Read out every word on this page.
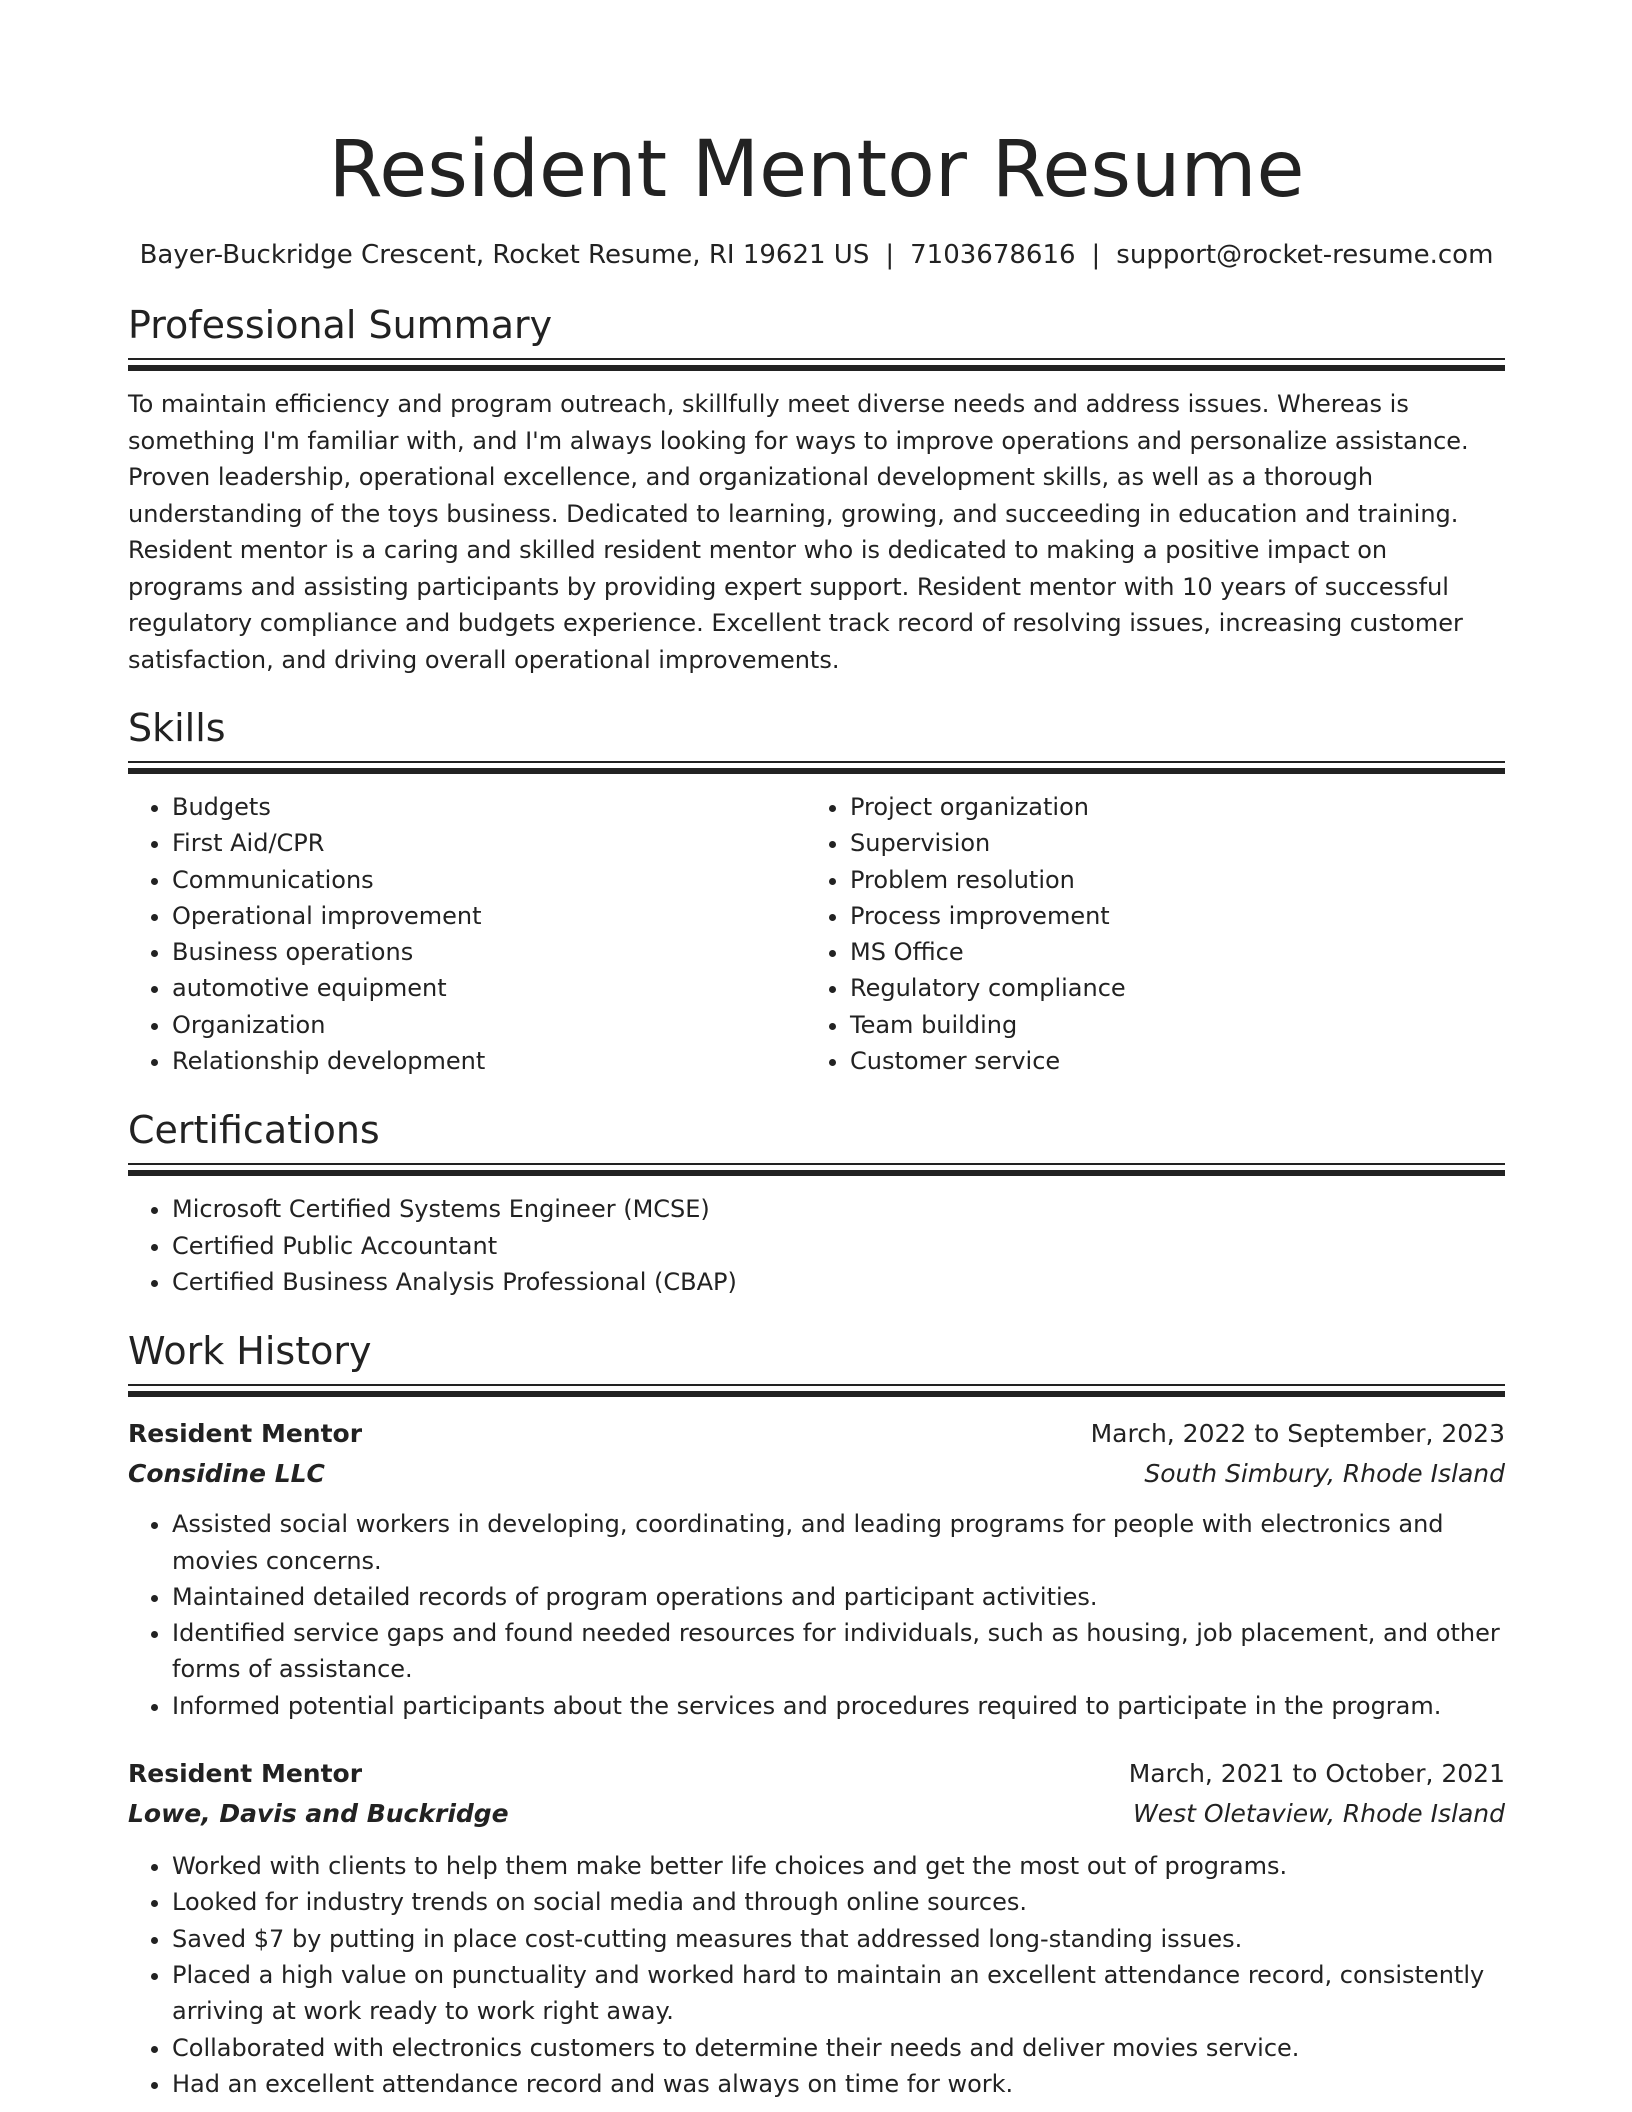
Resident Mentor Resume
Bayer-Buckridge Crescent, Rocket Resume, RI 19621 US | 7103678616 | support@rocket-resume.com
Professional Summary

To maintain efficiency and program outreach, skillfully meet diverse needs and address issues. Whereas is something I'm familiar with, and I'm always looking for ways to improve operations and personalize assistance. Proven leadership, operational excellence, and organizational development skills, as well as a thorough understanding of the toys business. Dedicated to learning, growing, and succeeding in education and training. Resident mentor is a caring and skilled resident mentor who is dedicated to making a positive impact on programs and assisting participants by providing expert support. Resident mentor with 10 years of successful regulatory compliance and budgets experience. Excellent track record of resolving issues, increasing customer satisfaction, and driving overall operational improvements.

Skills
• Budgets
• First Aid/CPR
• Communications
• Operational improvement
• Business operations
• automotive equipment
• Organization
• Relationship development
• Project organization
• Supervision
• Problem resolution
• Process improvement
• MS Office
• Regulatory compliance
• Team building
• Customer service
Certifications
• Microsoft Certified Systems Engineer (MCSE)
• Certified Public Accountant
• Certified Business Analysis Professional (CBAP)
Work History
Resident Mentor	March, 2022 to September, 2023
Considine LLC	South Simbury, Rhode Island
• Assisted social workers in developing, coordinating, and leading programs for people with electronics and movies concerns.
• Maintained detailed records of program operations and participant activities.
• Identified service gaps and found needed resources for individuals, such as housing, job placement, and other forms of assistance.
• Informed potential participants about the services and procedures required to participate in the program.
Resident Mentor	March, 2021 to October, 2021
Lowe, Davis and Buckridge	West Oletaview, Rhode Island
• Worked with clients to help them make better life choices and get the most out of programs.
• Looked for industry trends on social media and through online sources.
• Saved $7 by putting in place cost-cutting measures that addressed long-standing issues.
• Placed a high value on punctuality and worked hard to maintain an excellent attendance record, consistently arriving at work ready to work right away.
• Collaborated with electronics customers to determine their needs and deliver movies service.
• Had an excellent attendance record and was always on time for work.
